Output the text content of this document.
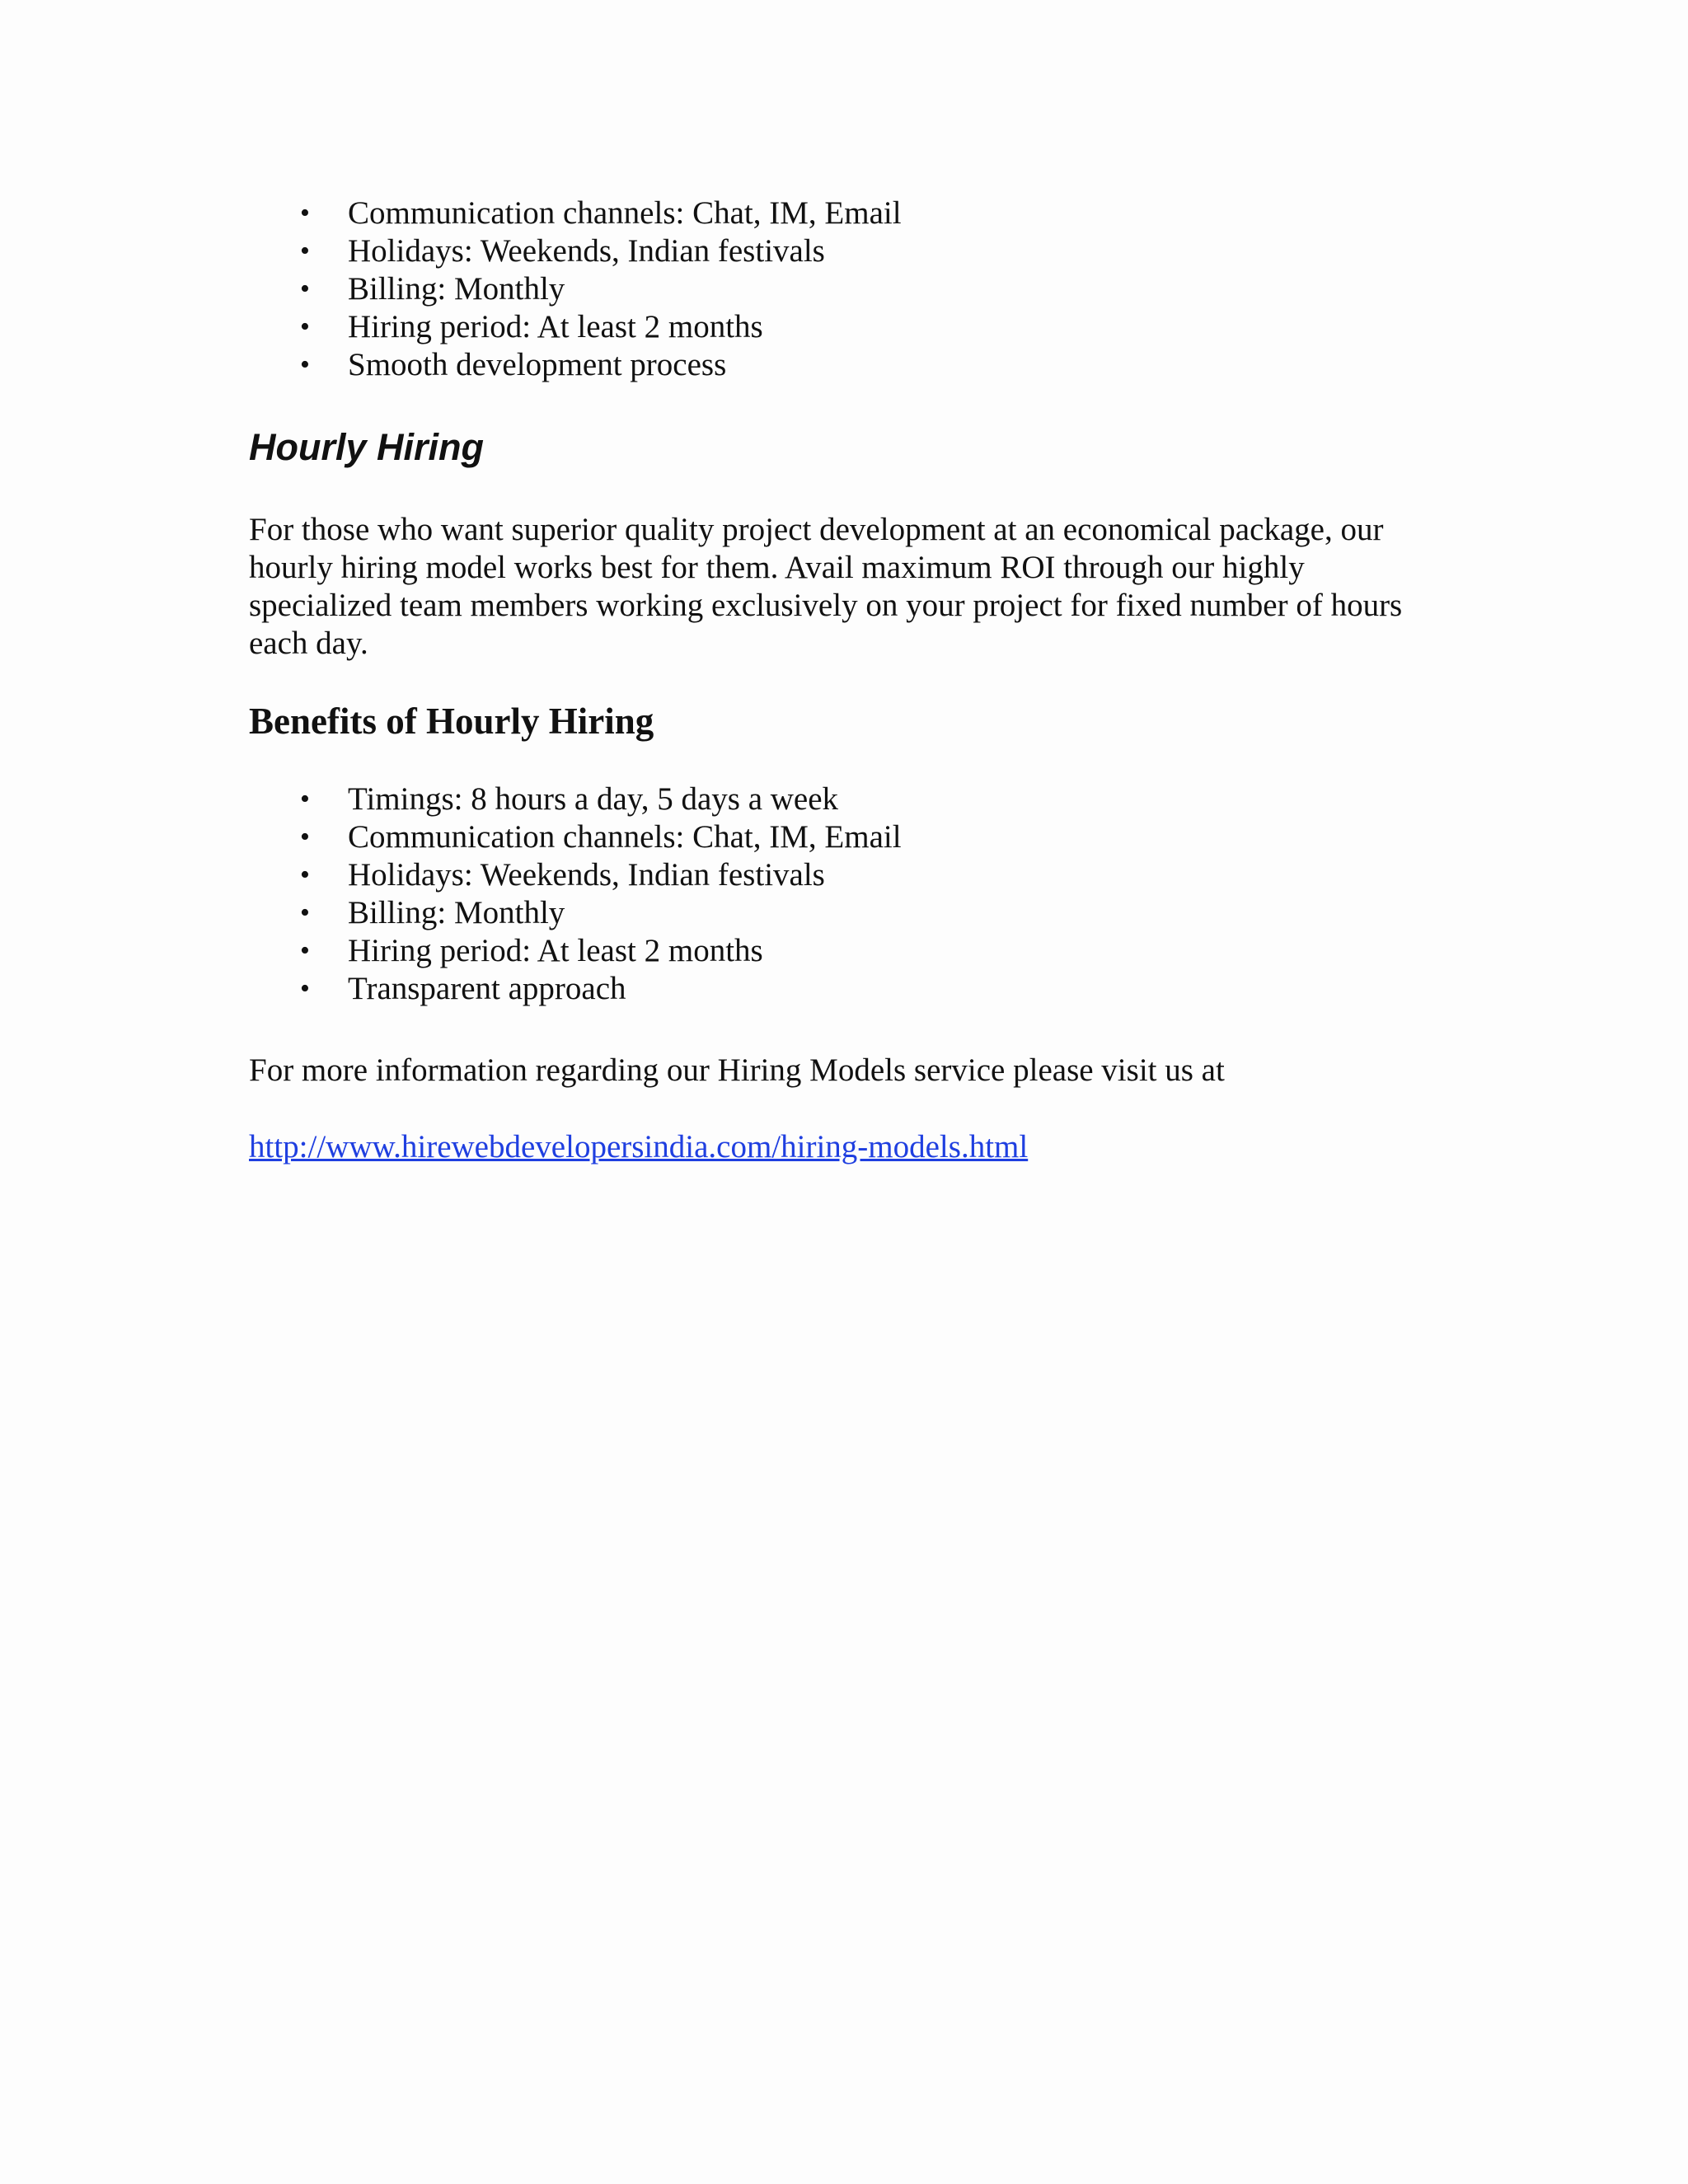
• Communication channels: Chat, IM, Email
• Holidays: Weekends, Indian festivals
• Billing: Monthly
• Hiring period: At least 2 months
• Smooth development process
Hourly Hiring
For those who want superior quality project development at an economical package, our
hourly hiring model works best for them. Avail maximum ROI through our highly
specialized team members working exclusively on your project for fixed number of hours
each day.
Benefits of Hourly Hiring
• Timings: 8 hours a day, 5 days a week
• Communication channels: Chat, IM, Email
• Holidays: Weekends, Indian festivals
• Billing: Monthly
• Hiring period: At least 2 months
• Transparent approach

For more information regarding our Hiring Models service please visit us at

http://www.hirewebdevelopersindia.com/hiring-models.html
